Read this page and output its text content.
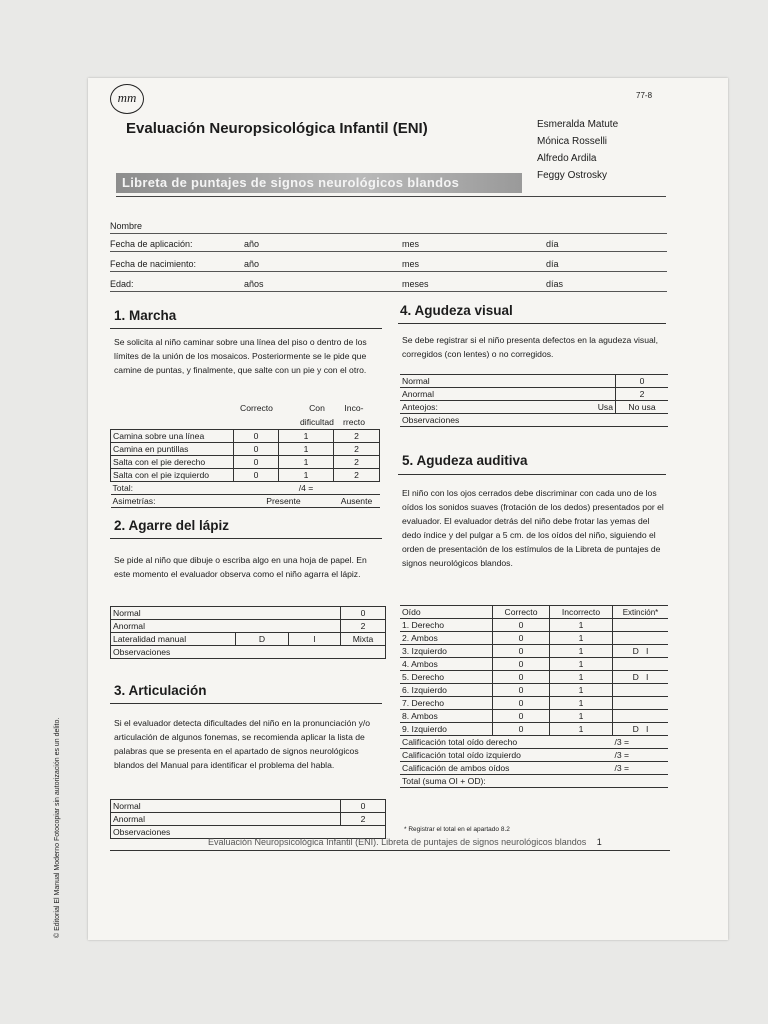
mm	77-8
Evaluación Neuropsicológica Infantil (ENI)	Esmeralda Matute
Mónica Rosselli
Alfredo Ardila
Feggy Ostrosky
Libreta de puntajes de signos neurológicos blandos
Nombre
Fecha de aplicación:	año	mes	día
Fecha de nacimiento:	año	mes	día
Edad:	años	meses	días
1. Marcha
Se solicita al niño caminar sobre una línea del piso o dentro de los límites de la unión de los mosaicos. Posteriormente se le pide que camine de puntas, y finalmente, que salte con un pie y con el otro.
Correcto	Con
dificultad
Inco-
rrecto
Camina sobre una línea	0	1	2
Camina en puntillas	0	1	2
Salta con el pie derecho	0	1	2
Salta con el pie izquierdo	0	1	2
Total:		/4 =	
Asimetrías:	Presente		Ausente
2. Agarre del lápiz
Se pide al niño que dibuje o escriba algo en una hoja de papel. En este momento el evaluador observa como el niño agarra el lápiz.
Normal			0
Anormal			2
Lateralidad manual	D	I	Mixta
Observaciones			
3. Articulación
Si el evaluador detecta dificultades del niño en la pronunciación y/o articulación de algunos fonemas, se recomienda aplicar la lista de palabras que se presenta en el apartado de signos neurológicos blandos del Manual para identificar el problema del habla.
Normal	0
Anormal	2
Observaciones	
4. Agudeza visual
Se debe registrar si el niño presenta defectos en la agudeza visual, corregidos (con lentes) o no corregidos.
Normal		0
Anormal		2
Anteojos:	Usa	No usa
Observaciones		
5. Agudeza auditiva
El niño con los ojos cerrados debe discriminar con cada uno de los oídos los sonidos suaves (frotación de los dedos) presentados por el evaluador. El evaluador detrás del niño debe frotar las yemas del dedo índice y del pulgar a 5 cm. de los oídos del niño, siguiendo el orden de presentación de los estímulos de la Libreta de puntajes de signos neurológicos blandos.
Oído	Correcto	Incorrecto	Extinción*
1. Derecho	0	1	
2. Ambos	0	1	
3. Izquierdo	0	1	D   I
4. Ambos	0	1	
5. Derecho	0	1	D   I
6. Izquierdo	0	1	
7. Derecho	0	1	
8. Ambos	0	1	
9. Izquierdo	0	1	D   I
Calificación total oído derecho			/3 =
Calificación total oído izquierdo			/3 =
Calificación de ambos oídos			/3 =
Total (suma OI + OD):			
* Registrar el total en el apartado 8.2
Evaluación Neuropsicológica Infantil (ENI). Libreta de puntajes de signos neurológicos blandos 1
© Editorial El Manual Moderno Fotocopiar sin autorización es un delito.
